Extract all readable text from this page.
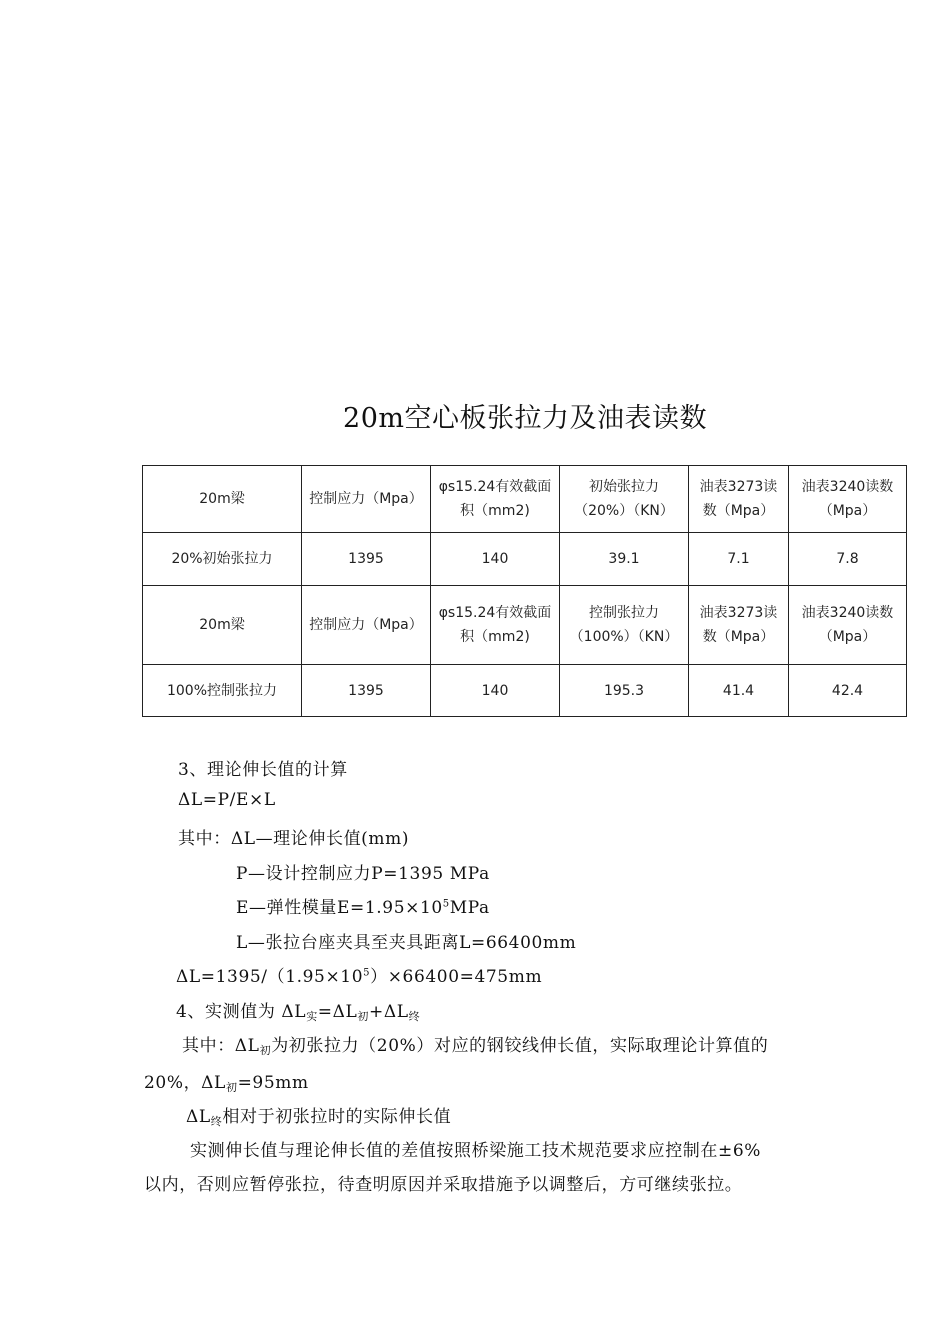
20m空心板张拉力及油表读数
20m梁	控制应力（Mpa）	φs15.24有效截面积（mm2)	初始张拉力（20%）（KN）	油表3273读数（Mpa）	油表3240读数（Mpa）
20%初始张拉力	1395	140	39.1	7.1	7.8
20m梁	控制应力（Mpa）	φs15.24有效截面积（mm2)	控制张拉力（100%）（KN）	油表3273读数（Mpa）	油表3240读数（Mpa）
100%控制张拉力	1395	140	195.3	41.4	42.4
3、理论伸长值的计算
ΔL=P/E×L
其中：ΔL—理论伸长值(mm)
P—设计控制应力P=1395 MPa
E—弹性模量$E=1.95\times 10^5MPa$
L—张拉台座夹具至夹具距离L=66400mm
$\Delta L=1395/(1.95\times 10^5)\times 66400=475mm$
4、实测值为 ΔL实=ΔL初+ΔL终
其中：ΔL初为初张拉力（20%）对应的钢铰线伸长值，实际取理论计算值的
20%，ΔL初=95mm
ΔL终相对于初张拉时的实际伸长值
实测伸长值与理论伸长值的差值按照桥梁施工技术规范要求应控制在±6%
以内，否则应暂停张拉，待查明原因并采取措施予以调整后，方可继续张拉。
